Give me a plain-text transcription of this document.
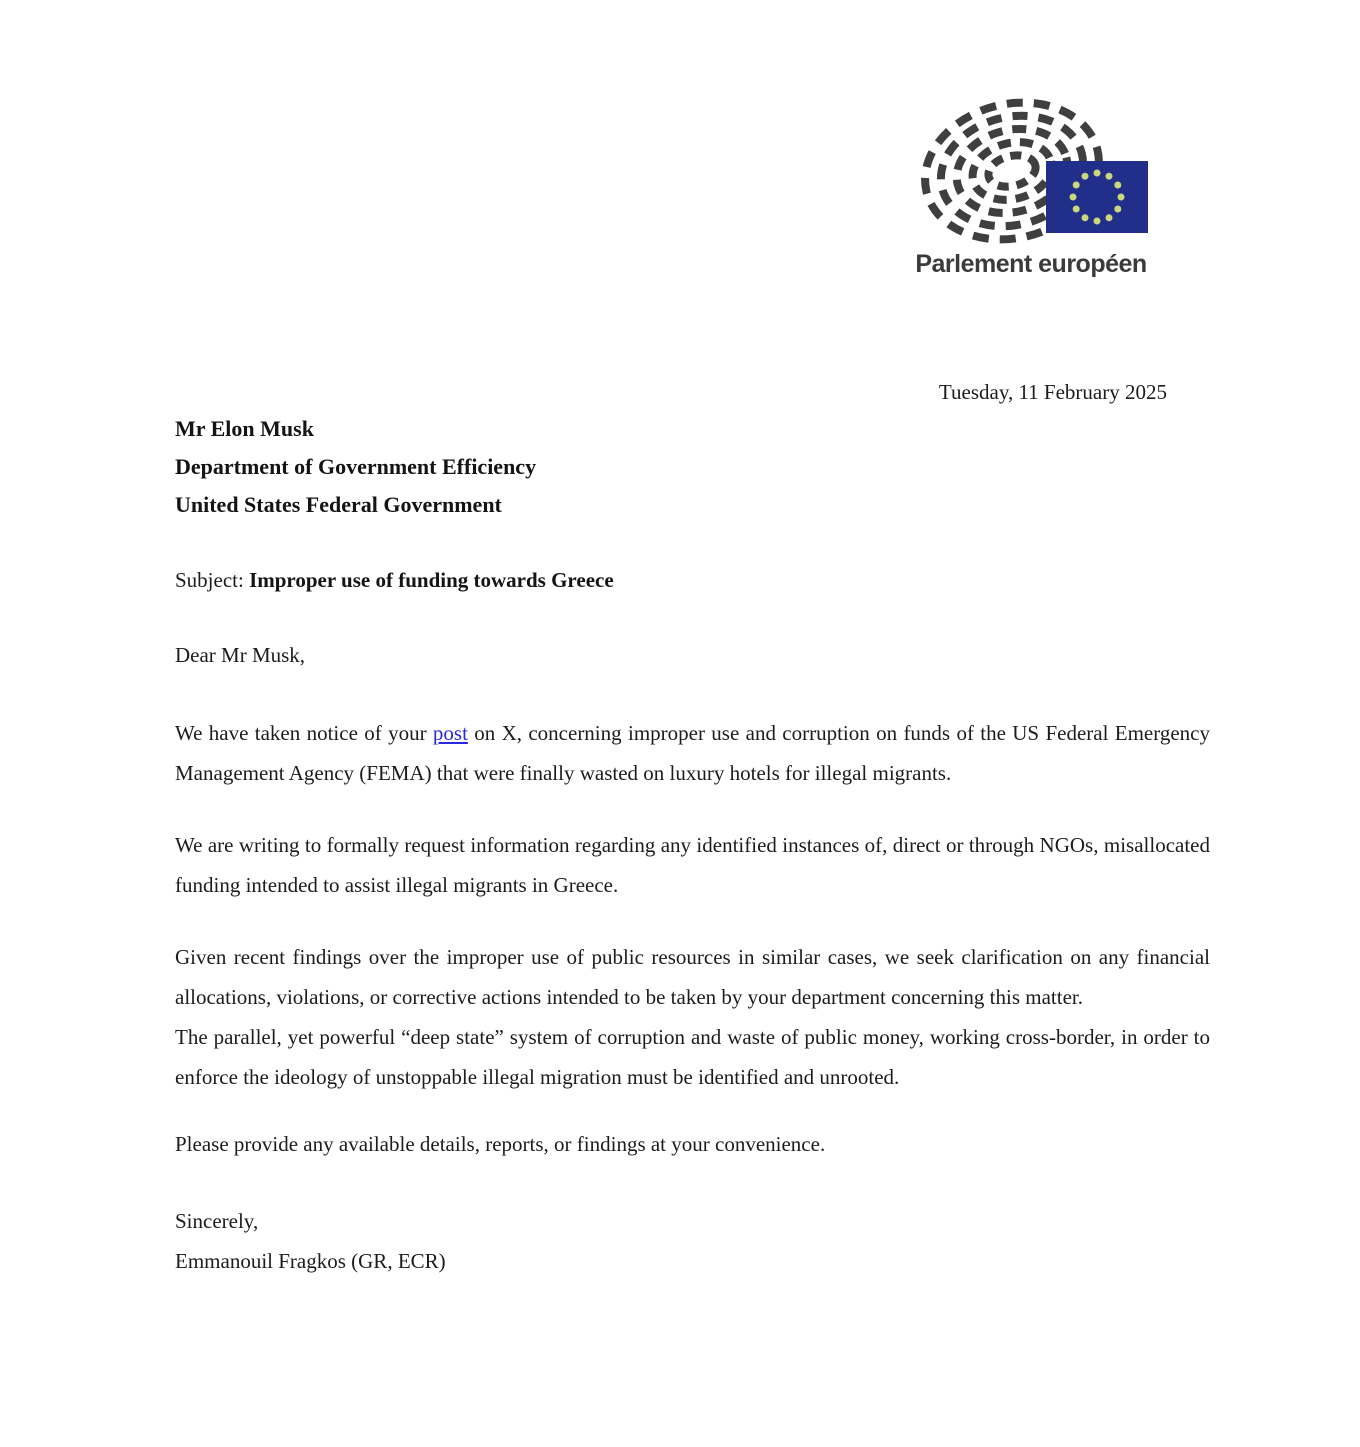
Parlement européen
Tuesday, 11 February 2025
Mr Elon Musk
Department of Government Efficiency
United States Federal Government
Subject: Improper use of funding towards Greece
Dear Mr Musk,

We have taken notice of your post on X, concerning improper use and corruption on funds of the US Federal Emergency Management Agency (FEMA) that were finally wasted on luxury hotels for illegal migrants.

We are writing to formally request information regarding any identified instances of, direct or through NGOs, misallocated funding intended to assist illegal migrants in Greece.

Given recent findings over the improper use of public resources in similar cases, we seek clarification on any financial allocations, violations, or corrective actions intended to be taken by your department concerning this matter.

The parallel, yet powerful “deep state” system of corruption and waste of public money, working cross-border, in order to enforce the ideology of unstoppable illegal migration must be identified and unrooted.

Please provide any available details, reports, or findings at your convenience.

Sincerely,
Emmanouil Fragkos (GR, ECR)
